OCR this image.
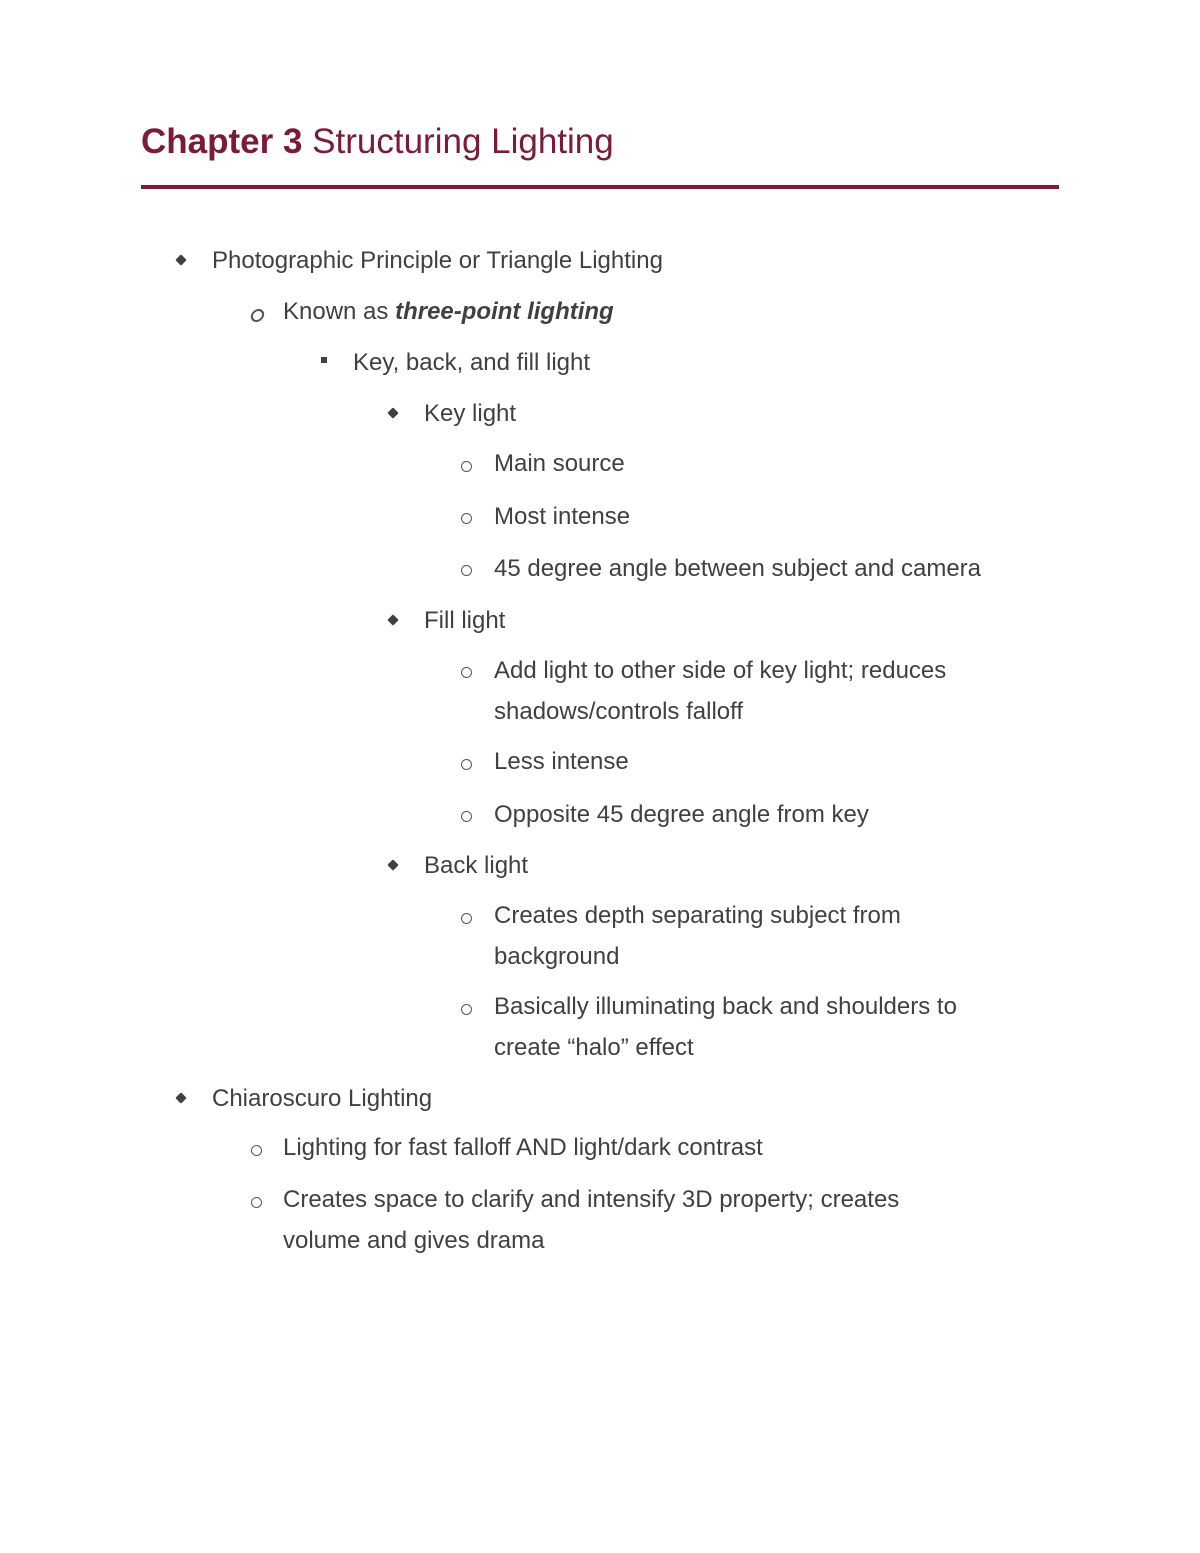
Chapter 3 Structuring Lighting
Photographic Principle or Triangle Lighting
Known as three-point lighting
Key, back, and fill light
Key light
Main source
Most intense
45 degree angle between subject and camera
Fill light
Add light to other side of key light; reduces
shadows/controls falloff
Less intense
Opposite 45 degree angle from key
Back light
Creates depth separating subject from
background
Basically illuminating back and shoulders to
create “halo” effect
Chiaroscuro Lighting
Lighting for fast falloff AND light/dark contrast
Creates space to clarify and intensify 3D property; creates
volume and gives drama
